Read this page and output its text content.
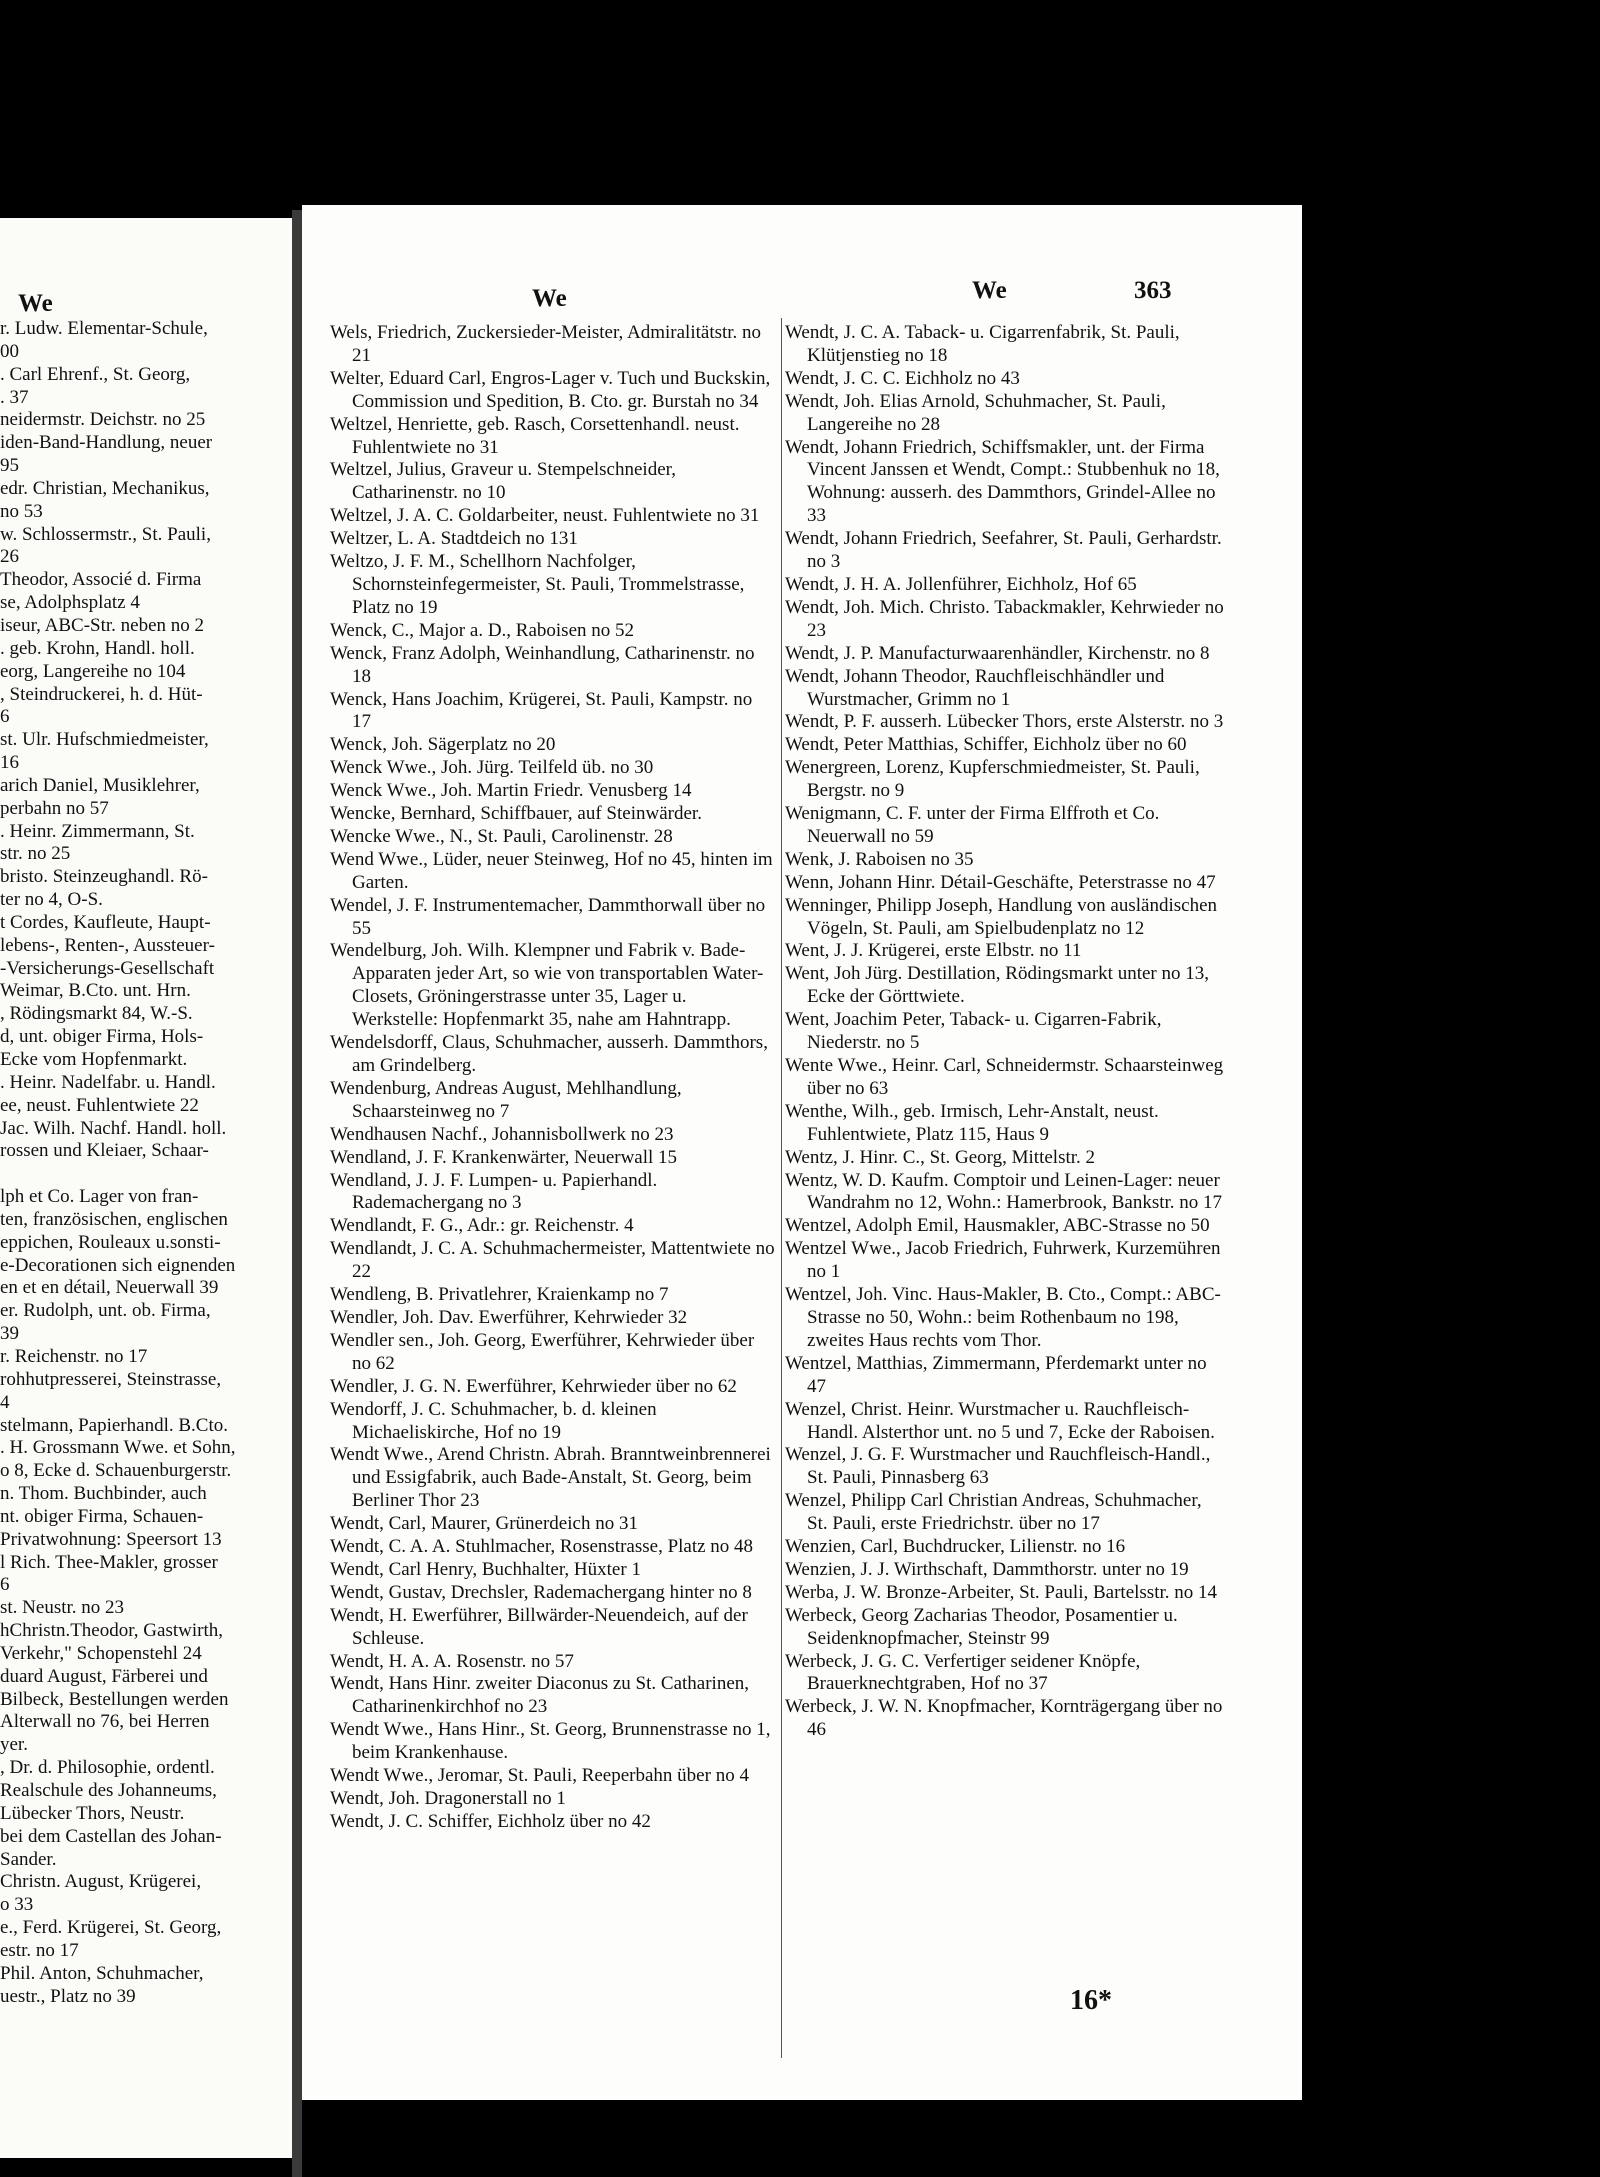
We	We	We	363
r. Ludw. Elementar-Schule,
00
. Carl Ehrenf., St. Georg,
. 37
neidermstr. Deichstr. no 25
iden-Band-Handlung, neuer
95
edr. Christian, Mechanikus,
no 53
w. Schlossermstr., St. Pauli,
26
Theodor, Associé d. Firma
se, Adolphsplatz 4
iseur, ABC-Str. neben no 2
. geb. Krohn, Handl. holl.
eorg, Langereihe no 104
, Steindruckerei, h. d. Hüt-
6
st. Ulr. Hufschmiedmeister,
16
arich Daniel, Musiklehrer,
perbahn no 57
. Heinr. Zimmermann, St.
str. no 25
bristo. Steinzeughandl. Rö-
ter no 4, O-S.
t Cordes, Kaufleute, Haupt-
lebens-, Renten-, Aussteuer-
-Versicherungs-Gesellschaft
Weimar, B.Cto. unt. Hrn.
, Rödingsmarkt 84, W.-S.
d, unt. obiger Firma, Hols-
Ecke vom Hopfenmarkt.
. Heinr. Nadelfabr. u. Handl.
ee, neust. Fuhlentwiete 22
Jac. Wilh. Nachf. Handl. holl.
rossen und Kleiaer, Schaar-
lph et Co. Lager von fran-
ten, französischen, englischen
eppichen, Rouleaux u.sonsti-
e-Decorationen sich eignenden
en et en détail, Neuerwall 39
er. Rudolph, unt. ob. Firma,
39
r. Reichenstr. no 17
rohhutpresserei, Steinstrasse,
4
stelmann, Papierhandl. B.Cto.
. H. Grossmann Wwe. et Sohn,
o 8, Ecke d. Schauenburgerstr.
n. Thom. Buchbinder, auch
nt. obiger Firma, Schauen-
Privatwohnung: Speersort 13
l Rich. Thee-Makler, grosser
6
st. Neustr. no 23
hChristn.Theodor, Gastwirth,
Verkehr," Schopenstehl 24
duard August, Färberei und
Bilbeck, Bestellungen werden
Alterwall no 76, bei Herren
yer.
, Dr. d. Philosophie, ordentl.
Realschule des Johanneums,
Lübecker Thors, Neustr.
bei dem Castellan des Johan-
Sander.
Christn. August, Krügerei,
o 33
e., Ferd. Krügerei, St. Georg,
estr. no 17
Phil. Anton, Schuhmacher,
uestr., Platz no 39
Wels, Friedrich, Zuckersieder-Meister, Admiralitätstr. no 21
Welter, Eduard Carl, Engros-Lager v. Tuch und Buckskin, Commission und Spedition, B. Cto. gr. Burstah no 34
Weltzel, Henriette, geb. Rasch, Corsettenhandl. neust. Fuhlentwiete no 31
Weltzel, Julius, Graveur u. Stempelschneider, Catharinenstr. no 10
Weltzel, J. A. C. Goldarbeiter, neust. Fuhlentwiete no 31
Weltzer, L. A. Stadtdeich no 131
Weltzo, J. F. M., Schellhorn Nachfolger, Schornsteinfegermeister, St. Pauli, Trommelstrasse, Platz no 19
Wenck, C., Major a. D., Raboisen no 52
Wenck, Franz Adolph, Weinhandlung, Catharinenstr. no 18
Wenck, Hans Joachim, Krügerei, St. Pauli, Kampstr. no 17
Wenck, Joh. Sägerplatz no 20
Wenck Wwe., Joh. Jürg. Teilfeld üb. no 30
Wenck Wwe., Joh. Martin Friedr. Venusberg 14
Wencke, Bernhard, Schiffbauer, auf Steinwärder.
Wencke Wwe., N., St. Pauli, Carolinenstr. 28
Wend Wwe., Lüder, neuer Steinweg, Hof no 45, hinten im Garten.
Wendel, J. F. Instrumentemacher, Dammthorwall über no 55
Wendelburg, Joh. Wilh. Klempner und Fabrik v. Bade-Apparaten jeder Art, so wie von transportablen Water-Closets, Gröningerstrasse unter 35, Lager u. Werkstelle: Hopfenmarkt 35, nahe am Hahntrapp.
Wendelsdorff, Claus, Schuhmacher, ausserh. Dammthors, am Grindelberg.
Wendenburg, Andreas August, Mehlhandlung, Schaarsteinweg no 7
Wendhausen Nachf., Johannisbollwerk no 23
Wendland, J. F. Krankenwärter, Neuerwall 15
Wendland, J. J. F. Lumpen- u. Papierhandl. Rademachergang no 3
Wendlandt, F. G., Adr.: gr. Reichenstr. 4
Wendlandt, J. C. A. Schuhmachermeister, Mattentwiete no 22
Wendleng, B. Privatlehrer, Kraienkamp no 7
Wendler, Joh. Dav. Ewerführer, Kehrwieder 32
Wendler sen., Joh. Georg, Ewerführer, Kehrwieder über no 62
Wendler, J. G. N. Ewerführer, Kehrwieder über no 62
Wendorff, J. C. Schuhmacher, b. d. kleinen Michaeliskirche, Hof no 19
Wendt Wwe., Arend Christn. Abrah. Branntweinbrennerei und Essigfabrik, auch Bade-Anstalt, St. Georg, beim Berliner Thor 23
Wendt, Carl, Maurer, Grünerdeich no 31
Wendt, C. A. A. Stuhlmacher, Rosenstrasse, Platz no 48
Wendt, Carl Henry, Buchhalter, Hüxter 1
Wendt, Gustav, Drechsler, Rademachergang hinter no 8
Wendt, H. Ewerführer, Billwärder-Neuendeich, auf der Schleuse.
Wendt, H. A. A. Rosenstr. no 57
Wendt, Hans Hinr. zweiter Diaconus zu St. Catharinen, Catharinenkirchhof no 23
Wendt Wwe., Hans Hinr., St. Georg, Brunnenstrasse no 1, beim Krankenhause.
Wendt Wwe., Jeromar, St. Pauli, Reeperbahn über no 4
Wendt, Joh. Dragonerstall no 1
Wendt, J. C. Schiffer, Eichholz über no 42
Wendt, J. C. A. Taback- u. Cigarrenfabrik, St. Pauli, Klütjenstieg no 18
Wendt, J. C. C. Eichholz no 43
Wendt, Joh. Elias Arnold, Schuhmacher, St. Pauli, Langereihe no 28
Wendt, Johann Friedrich, Schiffsmakler, unt. der Firma Vincent Janssen et Wendt, Compt.: Stubbenhuk no 18, Wohnung: ausserh. des Dammthors, Grindel-Allee no 33
Wendt, Johann Friedrich, Seefahrer, St. Pauli, Gerhardstr. no 3
Wendt, J. H. A. Jollenführer, Eichholz, Hof 65
Wendt, Joh. Mich. Christo. Tabackmakler, Kehrwieder no 23
Wendt, J. P. Manufacturwaarenhändler, Kirchenstr. no 8
Wendt, Johann Theodor, Rauchfleischhändler und Wurstmacher, Grimm no 1
Wendt, P. F. ausserh. Lübecker Thors, erste Alsterstr. no 3
Wendt, Peter Matthias, Schiffer, Eichholz über no 60
Wenergreen, Lorenz, Kupferschmiedmeister, St. Pauli, Bergstr. no 9
Wenigmann, C. F. unter der Firma Elffroth et Co. Neuerwall no 59
Wenk, J. Raboisen no 35
Wenn, Johann Hinr. Détail-Geschäfte, Peterstrasse no 47
Wenninger, Philipp Joseph, Handlung von ausländischen Vögeln, St. Pauli, am Spielbudenplatz no 12
Went, J. J. Krügerei, erste Elbstr. no 11
Went, Joh Jürg. Destillation, Rödingsmarkt unter no 13, Ecke der Görttwiete.
Went, Joachim Peter, Taback- u. Cigarren-Fabrik, Niederstr. no 5
Wente Wwe., Heinr. Carl, Schneidermstr. Schaarsteinweg über no 63
Wenthe, Wilh., geb. Irmisch, Lehr-Anstalt, neust. Fuhlentwiete, Platz 115, Haus 9
Wentz, J. Hinr. C., St. Georg, Mittelstr. 2
Wentz, W. D. Kaufm. Comptoir und Leinen-Lager: neuer Wandrahm no 12, Wohn.: Hamerbrook, Bankstr. no 17
Wentzel, Adolph Emil, Hausmakler, ABC-Strasse no 50
Wentzel Wwe., Jacob Friedrich, Fuhrwerk, Kurzemühren no 1
Wentzel, Joh. Vinc. Haus-Makler, B. Cto., Compt.: ABC-Strasse no 50, Wohn.: beim Rothenbaum no 198, zweites Haus rechts vom Thor.
Wentzel, Matthias, Zimmermann, Pferdemarkt unter no 47
Wenzel, Christ. Heinr. Wurstmacher u. Rauchfleisch-Handl. Alsterthor unt. no 5 und 7, Ecke der Raboisen.
Wenzel, J. G. F. Wurstmacher und Rauchfleisch-Handl., St. Pauli, Pinnasberg 63
Wenzel, Philipp Carl Christian Andreas, Schuhmacher, St. Pauli, erste Friedrichstr. über no 17
Wenzien, Carl, Buchdrucker, Lilienstr. no 16
Wenzien, J. J. Wirthschaft, Dammthorstr. unter no 19
Werba, J. W. Bronze-Arbeiter, St. Pauli, Bartelsstr. no 14
Werbeck, Georg Zacharias Theodor, Posamentier u. Seidenknopfmacher, Steinstr 99
Werbeck, J. G. C. Verfertiger seidener Knöpfe, Brauerknechtgraben, Hof no 37
Werbeck, J. W. N. Knopfmacher, Kornträgergang über no 46
16*
